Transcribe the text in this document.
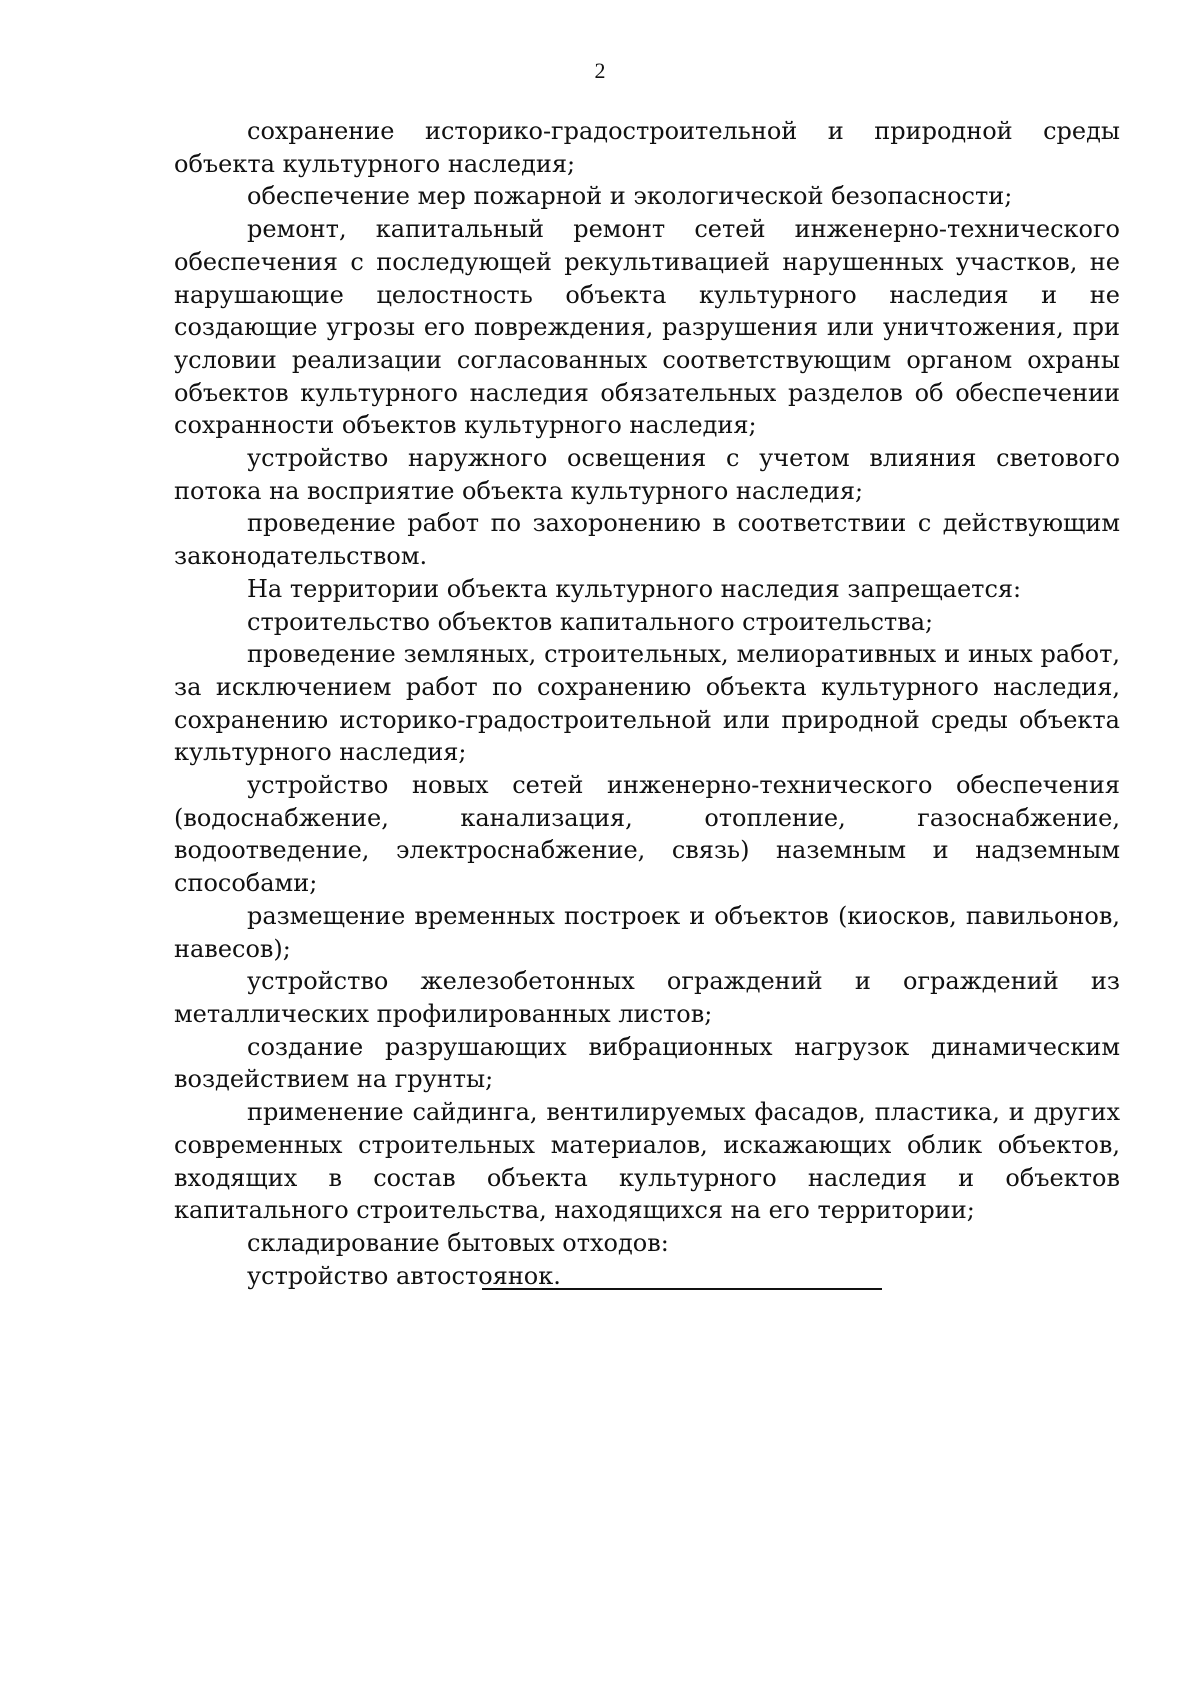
2

сохранение историко-градостроительной и природной среды объекта культурного наследия;

обеспечение мер пожарной и экологической безопасности;

ремонт, капитальный ремонт сетей инженерно-технического обеспечения с последующей рекультивацией нарушенных участков, не нарушающие целостность объекта культурного наследия и не создающие угрозы его повреждения, разрушения или уничтожения, при условии реализации согласованных соответствующим органом охраны объектов культурного наследия обязательных разделов об обеспечении сохранности объектов культурного наследия;

устройство наружного освещения с учетом влияния светового потока на восприятие объекта культурного наследия;

проведение работ по захоронению в соответствии с действующим законодательством.

На территории объекта культурного наследия запрещается:

строительство объектов капитального строительства;

проведение земляных, строительных, мелиоративных и иных работ, за исключением работ по сохранению объекта культурного наследия, сохранению историко-градостроительной или природной среды объекта культурного наследия;

устройство новых сетей инженерно-технического обеспечения (водоснабжение, канализация, отопление, газоснабжение, водоотведение, электроснабжение, связь) наземным и надземным способами;

размещение временных построек и объектов (киосков, павильонов, навесов);

устройство железобетонных ограждений и ограждений из металлических профилированных листов;

создание разрушающих вибрационных нагрузок динамическим воздействием на грунты;

применение сайдинга, вентилируемых фасадов, пластика, и других современных строительных материалов, искажающих облик объектов, входящих в состав объекта культурного наследия и объектов капитального строительства, находящихся на его территории;

складирование бытовых отходов:

устройство автостоянок.
